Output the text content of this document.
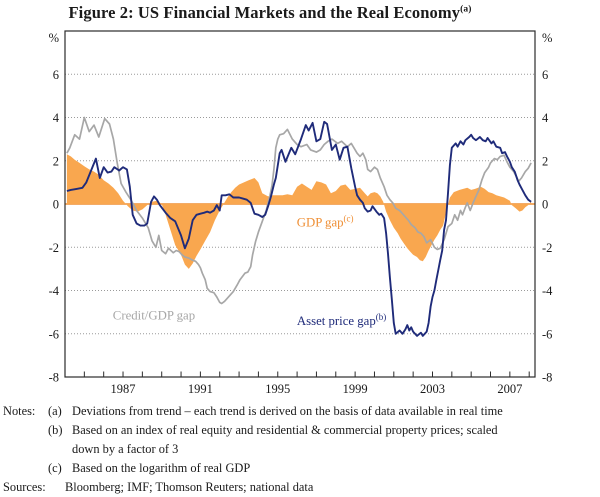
Figure 2: US Financial Markets and the Real Economy$^{(a)}$
1987	1991	1995	1999	2003	2007
-8	-8
-6	-6
-4	-4
-2	-2
0	0
2	2
4	4
6	6
%	%
GDP gap$^{(c)}$
Credit/GDP gap	Asset price gap$^{(b)}$
Notes:	(a) Deviations from trend – each trend is derived on the basis of data available in real time
(b) Based on an index of real equity and residential & commercial property prices; scaled
down by a factor of 3
(c) Based on the logarithm of real GDP
Sources:	Bloomberg; IMF; Thomson Reuters; national data
